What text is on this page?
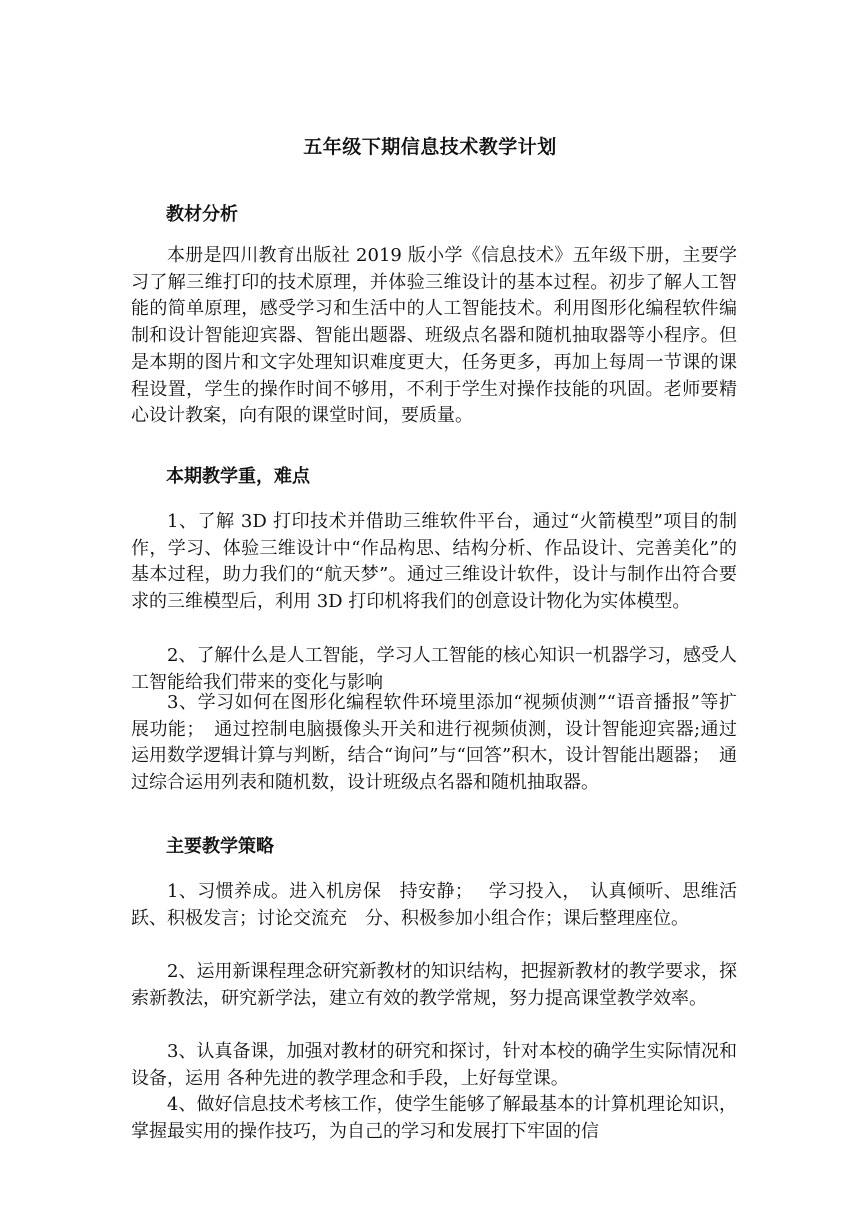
五年级下期信息技术教学计划
教材分析

本册是四川教育出版社 2019 版小学《信息技术》五年级下册，主要学习了解三维打印的技术原理，并体验三维设计的基本过程。初步了解人工智能的简单原理，感受学习和生活中的人工智能技术。利用图形化编程软件编制和设计智能迎宾器、智能出题器、班级点名器和随机抽取器等小程序。但是本期的图片和文字处理知识难度更大，任务更多，再加上每周一节课的课程设置，学生的操作时间不够用，不利于学生对操作技能的巩固。老师要精心设计教案，向有限的课堂时间，要质量。

本期教学重，难点

1、了解 3D 打印技术并借助三维软件平台，通过“火箭模型”项目的制作，学习、体验三维设计中“作品构思、结构分析、作品设计、完善美化”的基本过程，助力我们的“航天梦”。通过三维设计软件，设计与制作出符合要求的三维模型后，利用 3D 打印机将我们的创意设计物化为实体模型。

2、了解什么是人工智能，学习人工智能的核心知识一机器学习，感受人工智能给我们带来的变化与影响

3、学习如何在图形化编程软件环境里添加“视频侦测”“语音播报”等扩展功能；　通过控制电脑摄像头开关和进行视频侦测，设计智能迎宾器;通过运用数学逻辑计算与判断，结合“询问”与“回答”积木，设计智能出题器；　通过综合运用列表和随机数，设计班级点名器和随机抽取器。

主要教学策略

1、习惯养成。进入机房保　持安静；　 学习投入，　认真倾听、思维活跃、积极发言；讨论交流充　分、积极参加小组合作；课后整理座位。

2、运用新课程理念研究新教材的知识结构，把握新教材的教学要求，探索新教法，研究新学法，建立有效的教学常规，努力提高课堂教学效率。

3、认真备课，加强对教材的研究和探讨，针对本校的确学生实际情况和设备，运用 各种先进的教学理念和手段，上好每堂课。

4、做好信息技术考核工作，使学生能够了解最基本的计算机理论知识，掌握最实用的操作技巧，为自己的学习和发展打下牢固的信
